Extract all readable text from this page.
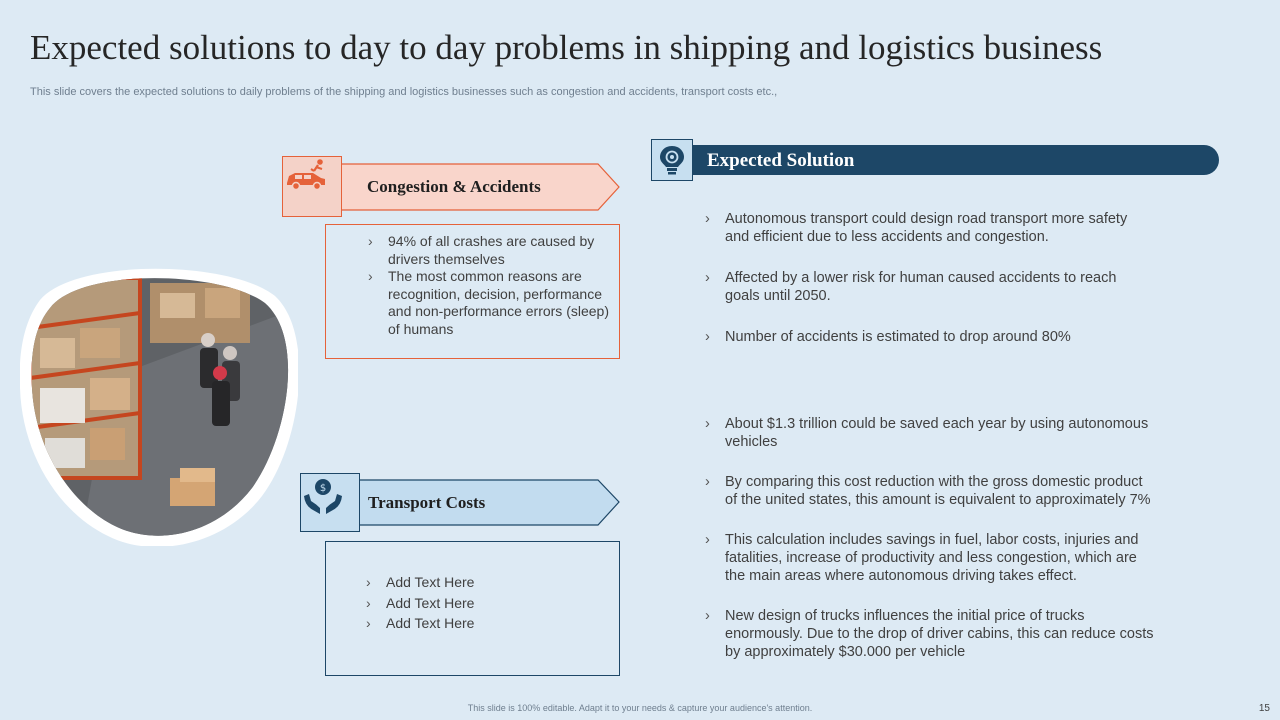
Expected solutions to day to day problems in shipping and logistics business
This slide covers the expected solutions to daily problems of the shipping and logistics businesses such as congestion and accidents, transport costs etc.,
Congestion & Accidents
› 94% of all crashes are caused by drivers themselves
› The most common reasons are recognition, decision, performance and non-performance errors (sleep) of humans
$
Transport Costs
› Add Text Here
› Add Text Here
› Add Text Here
Expected Solution
› Autonomous transport could design road transport more safety and efficient due to less accidents and congestion.
› Affected by a lower risk for human caused accidents to reach goals until 2050.
› Number of accidents is estimated to drop around 80%
› About $1.3 trillion could be saved each year by using autonomous vehicles
› By comparing this cost reduction with the gross domestic product of the united states, this amount is equivalent to approximately 7%
› This calculation includes savings in fuel, labor costs, injuries and fatalities, increase of productivity and less congestion, which are the main areas where autonomous driving takes effect.
› New design of trucks influences the initial price of trucks enormously. Due to the drop of driver cabins, this can reduce costs by approximately $30.000 per vehicle
This slide is 100% editable. Adapt it to your needs & capture your audience's attention.	15
